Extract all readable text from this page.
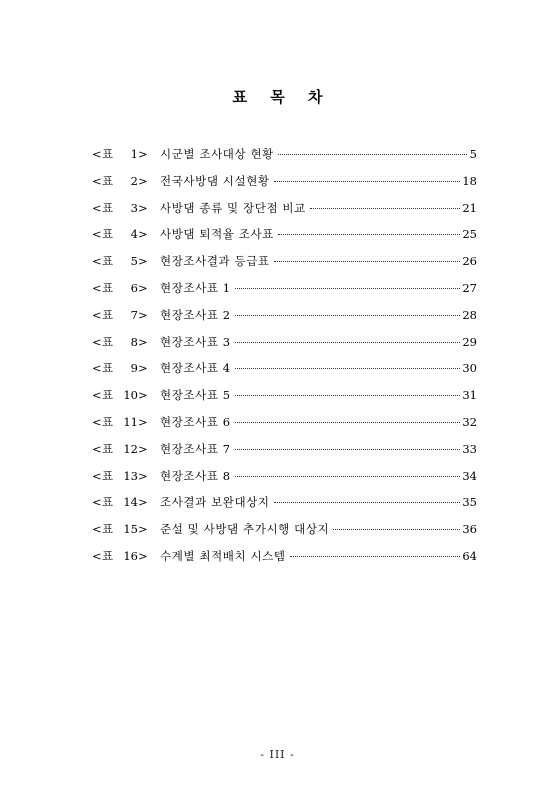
표 목 차
< 표	1 > 시군별 조사대상 현황	5
< 표	2 > 전국사방댐 시설현황	18
< 표	3 > 사방댐 종류 및 장단점 비교	21
< 표	4 > 사방댐 퇴적율 조사표	25
< 표	5 > 현장조사결과 등급표	26
< 표	6 > 현장조사표 1	27
< 표	7 > 현장조사표 2	28
< 표	8 > 현장조사표 3	29
< 표	9 > 현장조사표 4	30
< 표 10 > 현장조사표 5	31
< 표 11 > 현장조사표 6	32
< 표 12 > 현장조사표 7	33
< 표 13 > 현장조사표 8	34
< 표 14 > 조사결과 보완대상지	35
< 표 15 > 준설 및 사방댐 추가시행 대상지	36
< 표 16 > 수계별 최적배치 시스템	64
- III -
